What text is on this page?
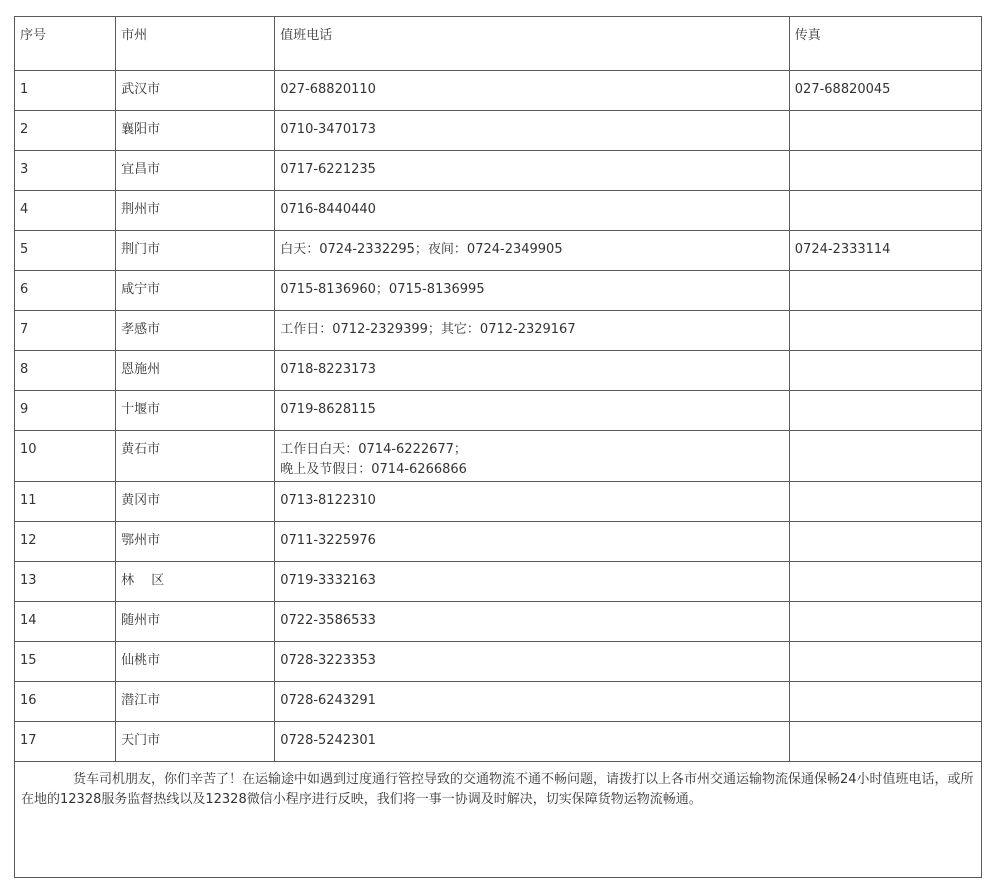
序号	市州	值班电话	传真
1	武汉市	027-68820110	027-68820045
2	襄阳市	0710-3470173	

3	宜昌市	0717-6221235	

4	荆州市	0716-8440440	

5	荆门市	白天：0724-2332295；夜间：0724-2349905	0724-2333114
6	咸宁市	0715-8136960；0715-8136995	

7	孝感市	工作日：0712-2329399；其它：0712-2329167	

8	恩施州	0718-8223173	

9	十堰市	0719-8628115	

10	黄石市	工作日白天：0714-6222677；
晚上及节假日：0714-6266866	

11	黄冈市	0713-8122310	

12	鄂州市	0711-3225976	

13	林　 区	0719-3332163	

14	随州市	0722-3586533	

15	仙桃市	0728-3223353	

16	潜江市	0728-6243291	

17	天门市	0728-5242301	

货车司机朋友，你们辛苦了！在运输途中如遇到过度通行管控导致的交通物流不通不畅问题，请拨打以上各市州交通运输物流保通保畅24小时值班电话，或所在地的12328服务监督热线以及12328微信小程序进行反映，我们将一事一协调及时解决，切实保障货物运物流畅通。			
